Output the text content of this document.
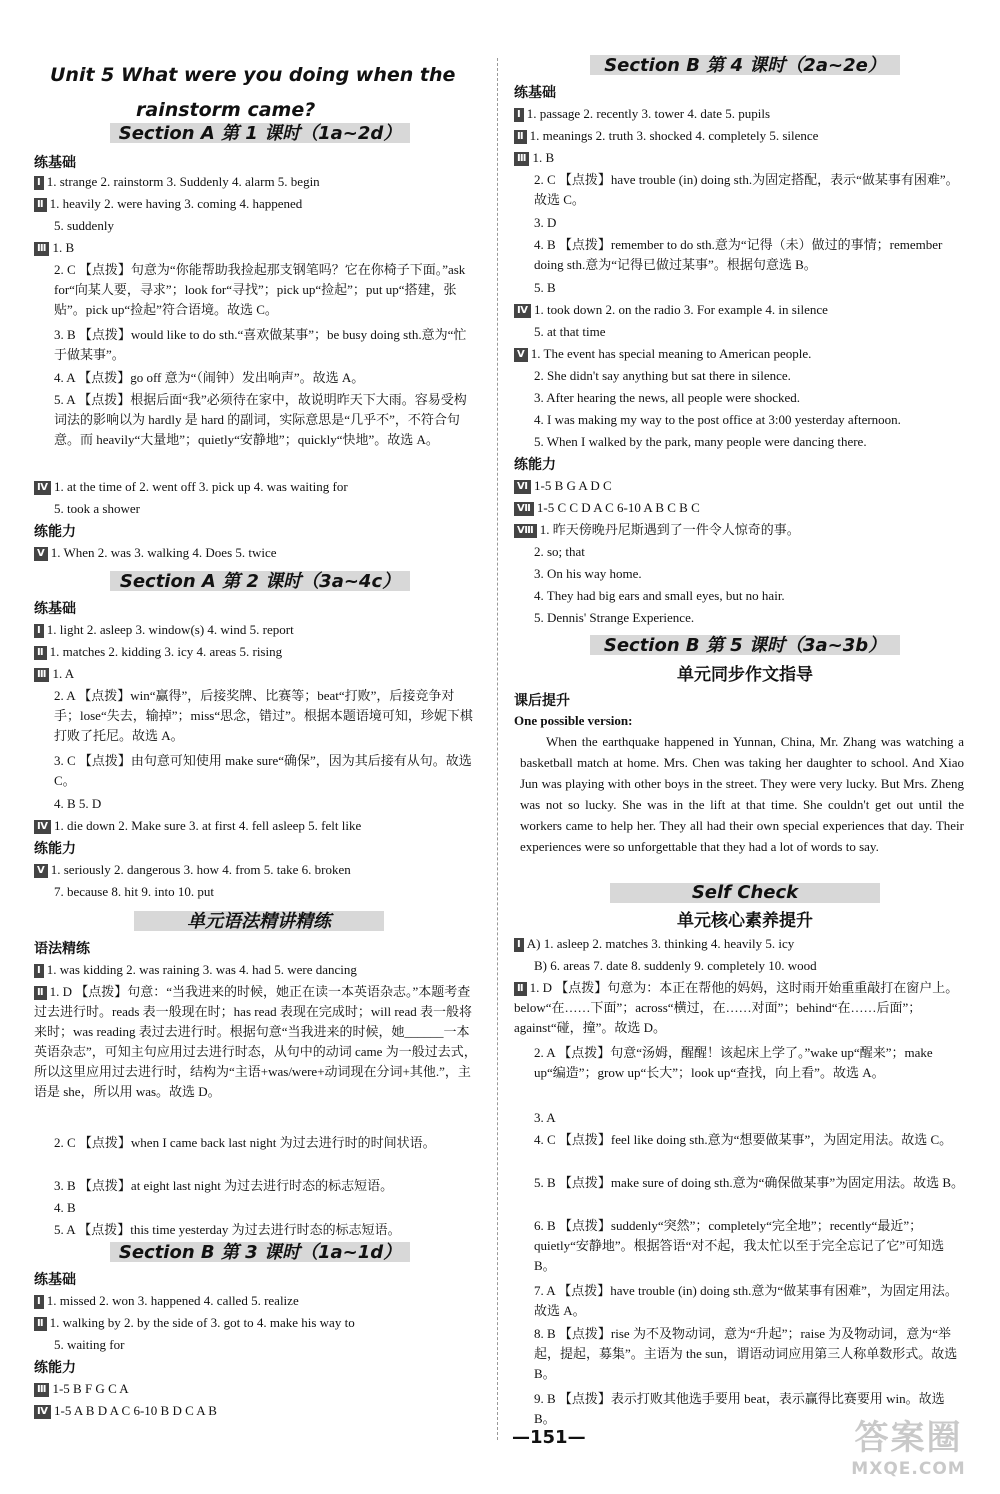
Unit 5 What were you doing when the
rainstorm came?
Section A 第 1 课时（1a~2d）
练基础
Ⅰ 1. strange 2. rainstorm 3. Suddenly 4. alarm 5. begin
Ⅱ 1. heavily 2. were having 3. coming 4. happened
5. suddenly
Ⅲ 1. B
2. C 【点拨】句意为“你能帮助我捡起那支钢笔吗？它在你椅子下面。”ask for“向某人要，寻求”；look for“寻找”；pick up“捡起”；put up“搭建，张贴”。pick up“捡起”符合语境。故选 C。
3. B 【点拨】would like to do sth.“喜欢做某事”；be busy doing sth.意为“忙于做某事”。
4. A 【点拨】go off 意为“（闹钟）发出响声”。故选 A。
5. A 【点拨】根据后面“我”必须待在家中，故说明昨天下大雨。容易受构词法的影响以为 hardly 是 hard 的副词，实际意思是“几乎不”，不符合句意。而 heavily“大量地”；quietly“安静地”；quickly“快地”。故选 A。
Ⅳ 1. at the time of 2. went off 3. pick up 4. was waiting for
5. took a shower
练能力
Ⅴ 1. When 2. was 3. walking 4. Does 5. twice
Section A 第 2 课时（3a~4c）
练基础
Ⅰ 1. light 2. asleep 3. window(s) 4. wind 5. report
Ⅱ 1. matches 2. kidding 3. icy 4. areas 5. rising
Ⅲ 1. A
2. A 【点拨】win“赢得”，后接奖牌、比赛等；beat“打败”，后接竞争对手；lose“失去，输掉”；miss“思念，错过”。根据本题语境可知，珍妮下棋打败了托尼。故选 A。
3. C 【点拨】由句意可知使用 make sure“确保”，因为其后接有从句。故选 C。
4. B 5. D
Ⅳ 1. die down 2. Make sure 3. at first 4. fell asleep 5. felt like
练能力
Ⅴ 1. seriously 2. dangerous 3. how 4. from 5. take 6. broken
7. because 8. hit 9. into 10. put
单元语法精讲精练
语法精练
Ⅰ 1. was kidding 2. was raining 3. was 4. had 5. were dancing
Ⅱ 1. D 【点拨】句意：“当我进来的时候，她正在读一本英语杂志。”本题考查过去进行时。reads 表一般现在时；has read 表现在完成时；will read 表一般将来时；was reading 表过去进行时。根据句意“当我进来的时候，她______一本英语杂志”，可知主句应用过去进行时态，从句中的动词 came 为一般过去式，所以这里应用过去进行时，结构为“主语+was/were+动词现在分词+其他.”，主语是 she，所以用 was。故选 D。
2. C 【点拨】when I came back last night 为过去进行时的时间状语。
3. B 【点拨】at eight last night 为过去进行时态的标志短语。
4. B
5. A 【点拨】this time yesterday 为过去进行时态的标志短语。
Section B 第 3 课时（1a~1d）
练基础
Ⅰ 1. missed 2. won 3. happened 4. called 5. realize
Ⅱ 1. walking by 2. by the side of 3. got to 4. make his way to
5. waiting for
练能力
Ⅲ 1-5 B F G C A
Ⅳ 1-5 A B D A C 6-10 B D C A B
Section B 第 4 课时（2a~2e）
练基础
Ⅰ 1. passage 2. recently 3. tower 4. date 5. pupils
Ⅱ 1. meanings 2. truth 3. shocked 4. completely 5. silence
Ⅲ 1. B
2. C 【点拨】have trouble (in) doing sth.为固定搭配，表示“做某事有困难”。故选 C。
3. D
4. B 【点拨】remember to do sth.意为“记得（未）做过的事情；remember doing sth.意为“记得已做过某事”。根据句意选 B。
5. B
Ⅳ 1. took down 2. on the radio 3. For example 4. in silence
5. at that time
Ⅴ 1. The event has special meaning to American people.
2. She didn't say anything but sat there in silence.
3. After hearing the news, all people were shocked.
4. I was making my way to the post office at 3:00 yesterday afternoon.
5. When I walked by the park, many people were dancing there.
练能力
Ⅵ 1-5 B G A D C
Ⅶ 1-5 C C D A C 6-10 A B C B C
Ⅷ 1. 昨天傍晚丹尼斯遇到了一件令人惊奇的事。
2. so; that
3. On his way home.
4. They had big ears and small eyes, but no hair.
5. Dennis' Strange Experience.
Section B 第 5 课时（3a~3b）
单元同步作文指导
课后提升
One possible version:
When the earthquake happened in Yunnan, China, Mr. Zhang was watching a basketball match at home. Mrs. Chen was taking her daughter to school. And Xiao Jun was playing with other boys in the street. They were very lucky. But Mrs. Zheng was not so lucky. She was in the lift at that time. She couldn't get out until the workers came to help her. They all had their own special experiences that day. Their experiences were so unforgettable that they had a lot of words to say.
Self Check
单元核心素养提升
Ⅰ A) 1. asleep 2. matches 3. thinking 4. heavily 5. icy
B) 6. areas 7. date 8. suddenly 9. completely 10. wood
Ⅱ 1. D 【点拨】句意为：本正在帮他的妈妈，这时雨开始重重敲打在窗户上。below“在……下面”；across“横过，在……对面”；behind“在……后面”；against“碰，撞”。故选 D。
2. A 【点拨】句意“汤姆，醒醒！该起床上学了。”wake up“醒来”；make up“编造”；grow up“长大”；look up“查找，向上看”。故选 A。
3. A
4. C 【点拨】feel like doing sth.意为“想要做某事”，为固定用法。故选 C。
5. B 【点拨】make sure of doing sth.意为“确保做某事”为固定用法。故选 B。
6. B 【点拨】suddenly“突然”；completely“完全地”；recently“最近”；quietly“安静地”。根据答语“对不起，我太忙以至于完全忘记了它”可知选 B。
7. A 【点拨】have trouble (in) doing sth.意为“做某事有困难”，为固定用法。故选 A。
8. B 【点拨】rise 为不及物动词，意为“升起”；raise 为及物动词，意为“举起，提起，募集”。主语为 the sun，谓语动词应用第三人称单数形式。故选 B。
9. B 【点拨】表示打败其他选手要用 beat，表示赢得比赛要用 win。故选 B。
—151—	答案圈
MXQE.COM
